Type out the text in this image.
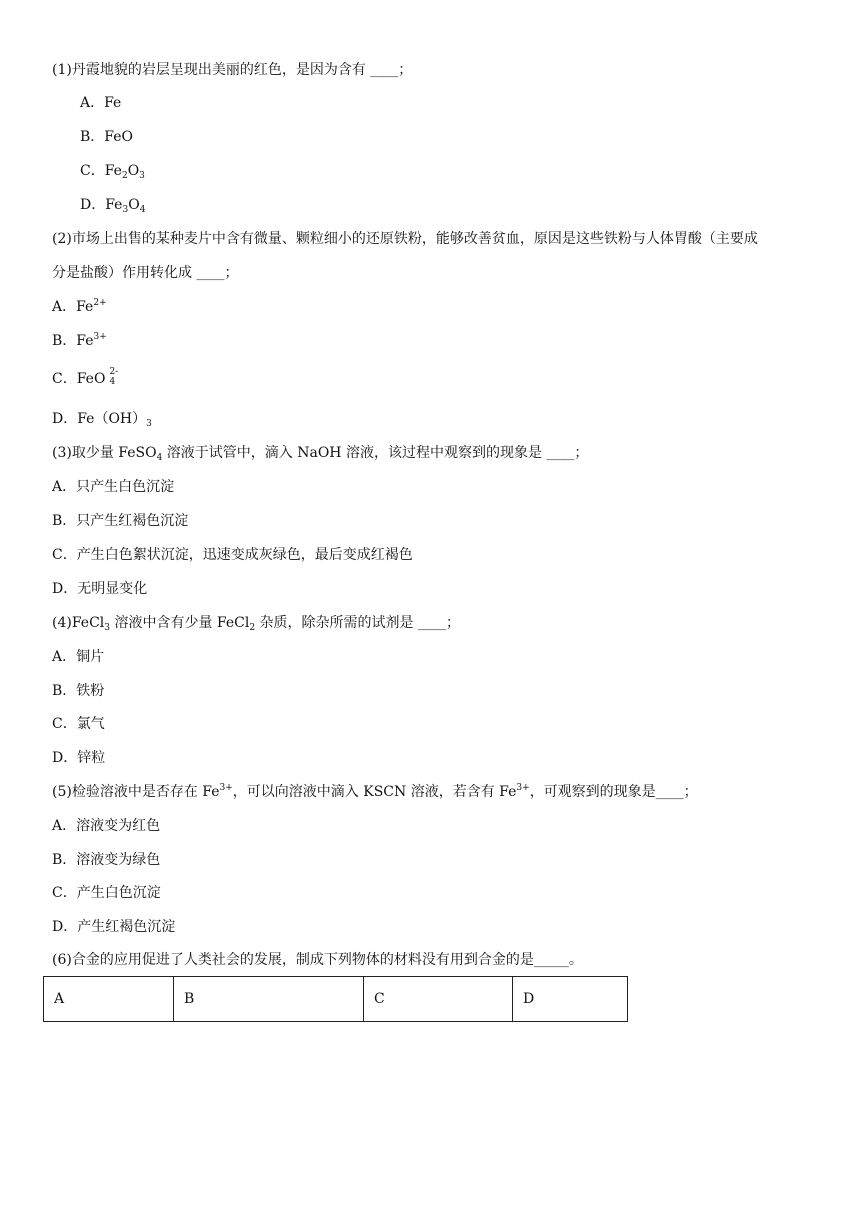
(1)丹霞地貌的岩层呈现出美丽的红色，是因为含有 ____；
A．Fe
B．FeO
C．$Fe_2O_3$
D．$Fe_3O_4$
(2)市场上出售的某种麦片中含有微量、颗粒细小的还原铁粉，能够改善贫血，原因是这些铁粉与人体胃酸（主要成
分是盐酸）作用转化成 ____；
A．$Fe^{2+}$
B．$Fe^{3+}$
C．FeO 2-
4
D．$Fe(OH)_3$
(3)取少量 FeSO$_4$ 溶液于试管中，滴入 NaOH 溶液，该过程中观察到的现象是 ____；
A．只产生白色沉淀
B．只产生红褐色沉淀
C．产生白色絮状沉淀，迅速变成灰绿色，最后变成红褐色
D．无明显变化
(4)FeCl$_3$ 溶液中含有少量 FeCl$_2$ 杂质，除杂所需的试剂是 ____；
A．铜片
B．铁粉
C．氯气
D．锌粒
(5)检验溶液中是否存在 $Fe^{3+}$，可以向溶液中滴入 KSCN 溶液，若含有 $Fe^{3+}$，可观察到的现象是____；
A．溶液变为红色
B．溶液变为绿色
C．产生白色沉淀
D．产生红褐色沉淀
(6)合金的应用促进了人类社会的发展，制成下列物体的材料没有用到合金的是_____。
A	B	C	D
